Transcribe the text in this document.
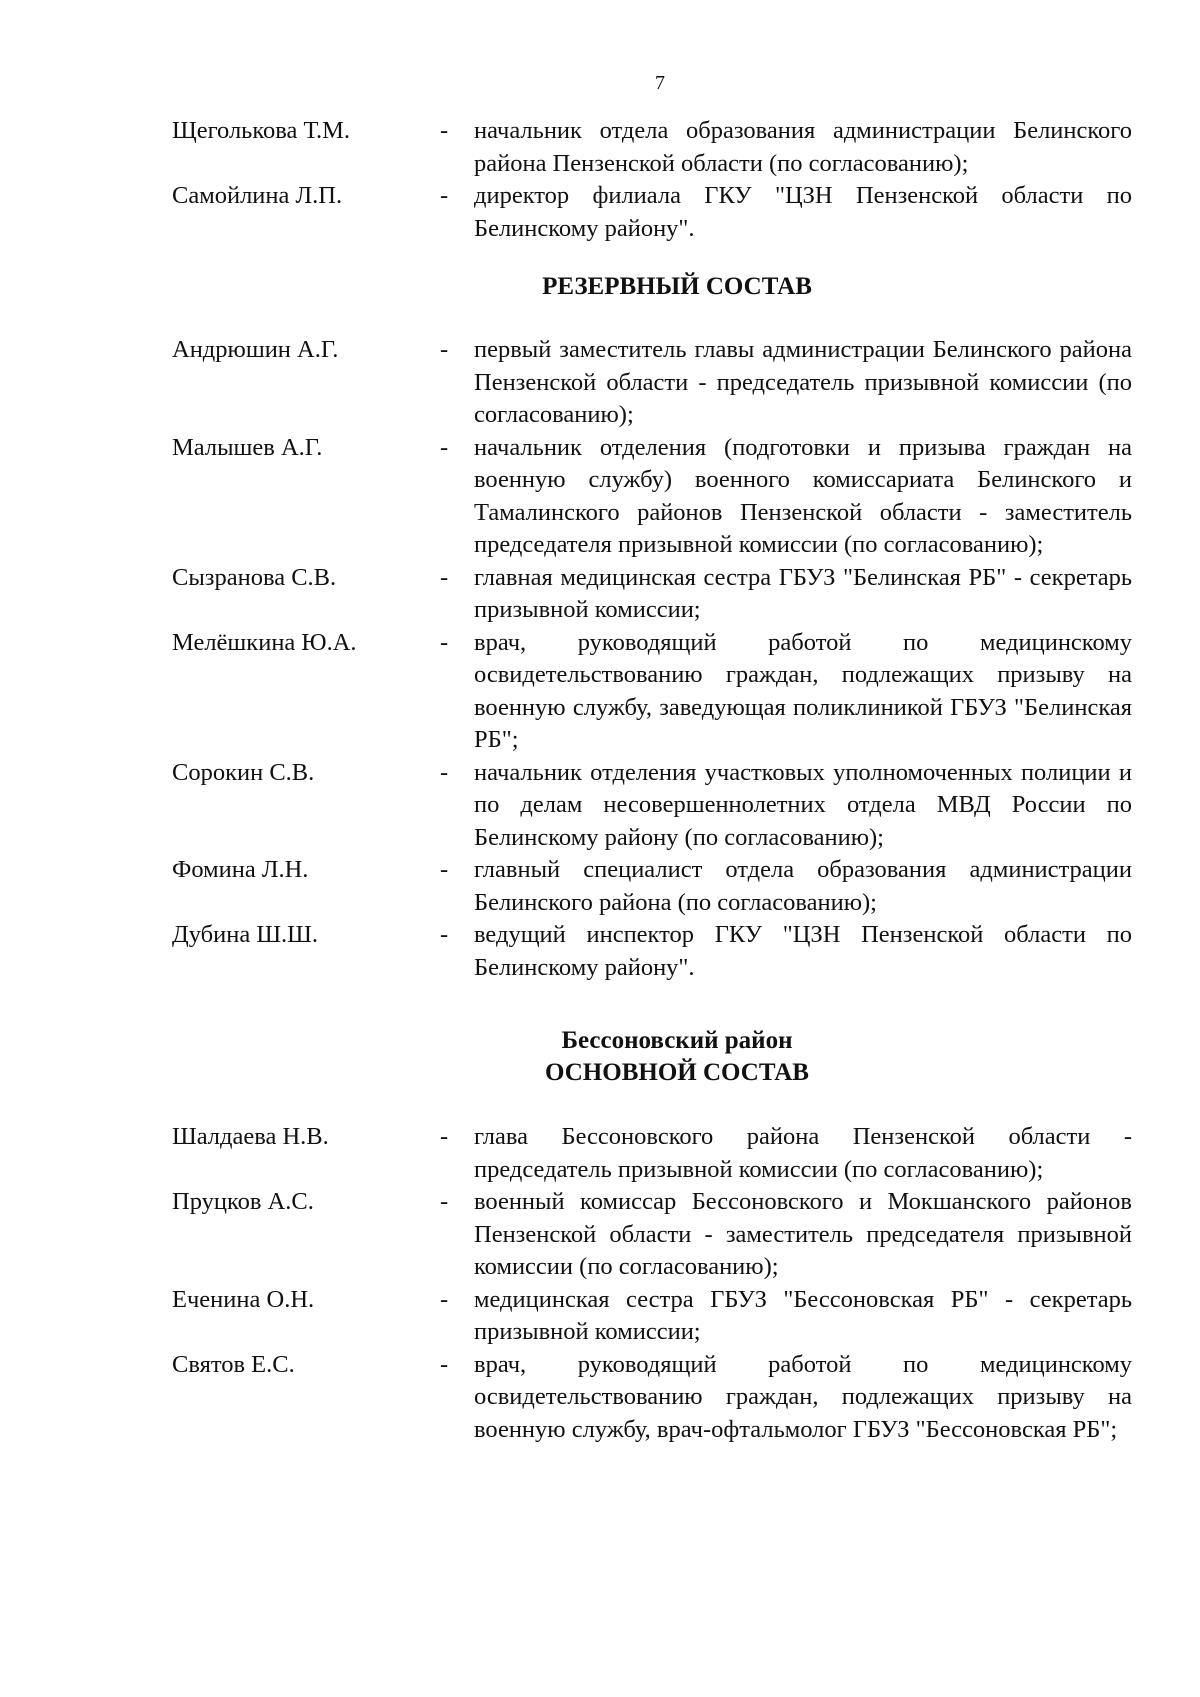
7
Щеголькова Т.М.	-	начальник отдела образования администрации Белинского района Пензенской области (по согласованию);
Самойлина Л.П.	-	директор филиала ГКУ "ЦЗН Пензенской области по Белинскому району".
РЕЗЕРВНЫЙ СОСТАВ
Андрюшин А.Г.	-	первый заместитель главы администрации Белинского района Пензенской области - председатель призывной комиссии (по согласованию);
Малышев А.Г.	-	начальник отделения (подготовки и призыва граждан на военную службу) военного комиссариата Белинского и Тамалинского районов Пензенской области - заместитель председателя призывной комиссии (по согласованию);
Сызранова С.В.	-	главная медицинская сестра ГБУЗ "Белинская РБ" - секретарь призывной комиссии;
Мелёшкина Ю.А.	-	врач, руководящий работой по медицинскому освидетельствованию граждан, подлежащих призыву на военную службу, заведующая поликлиникой ГБУЗ "Белинская РБ";
Сорокин С.В.	-	начальник отделения участковых уполномоченных полиции и по делам несовершеннолетних отдела МВД России по Белинскому району (по согласованию);
Фомина Л.Н.	-	главный специалист отдела образования администрации Белинского района (по согласованию);
Дубина Ш.Ш.	-	ведущий инспектор ГКУ "ЦЗН Пензенской области по Белинскому району".
Бессоновский район
ОСНОВНОЙ СОСТАВ
Шалдаева Н.В.	-	глава Бессоновского района Пензенской области - председатель призывной комиссии (по согласованию);
Пруцков А.С.	-	военный комиссар Бессоновского и Мокшанского районов Пензенской области - заместитель председателя призывной комиссии (по согласованию);
Еченина О.Н.	-	медицинская сестра ГБУЗ "Бессоновская РБ" - секретарь призывной комиссии;
Святов Е.С.	-	врач, руководящий работой по медицинскому освидетельствованию граждан, подлежащих призыву на военную службу, врач-офтальмолог ГБУЗ "Бессоновская РБ";
